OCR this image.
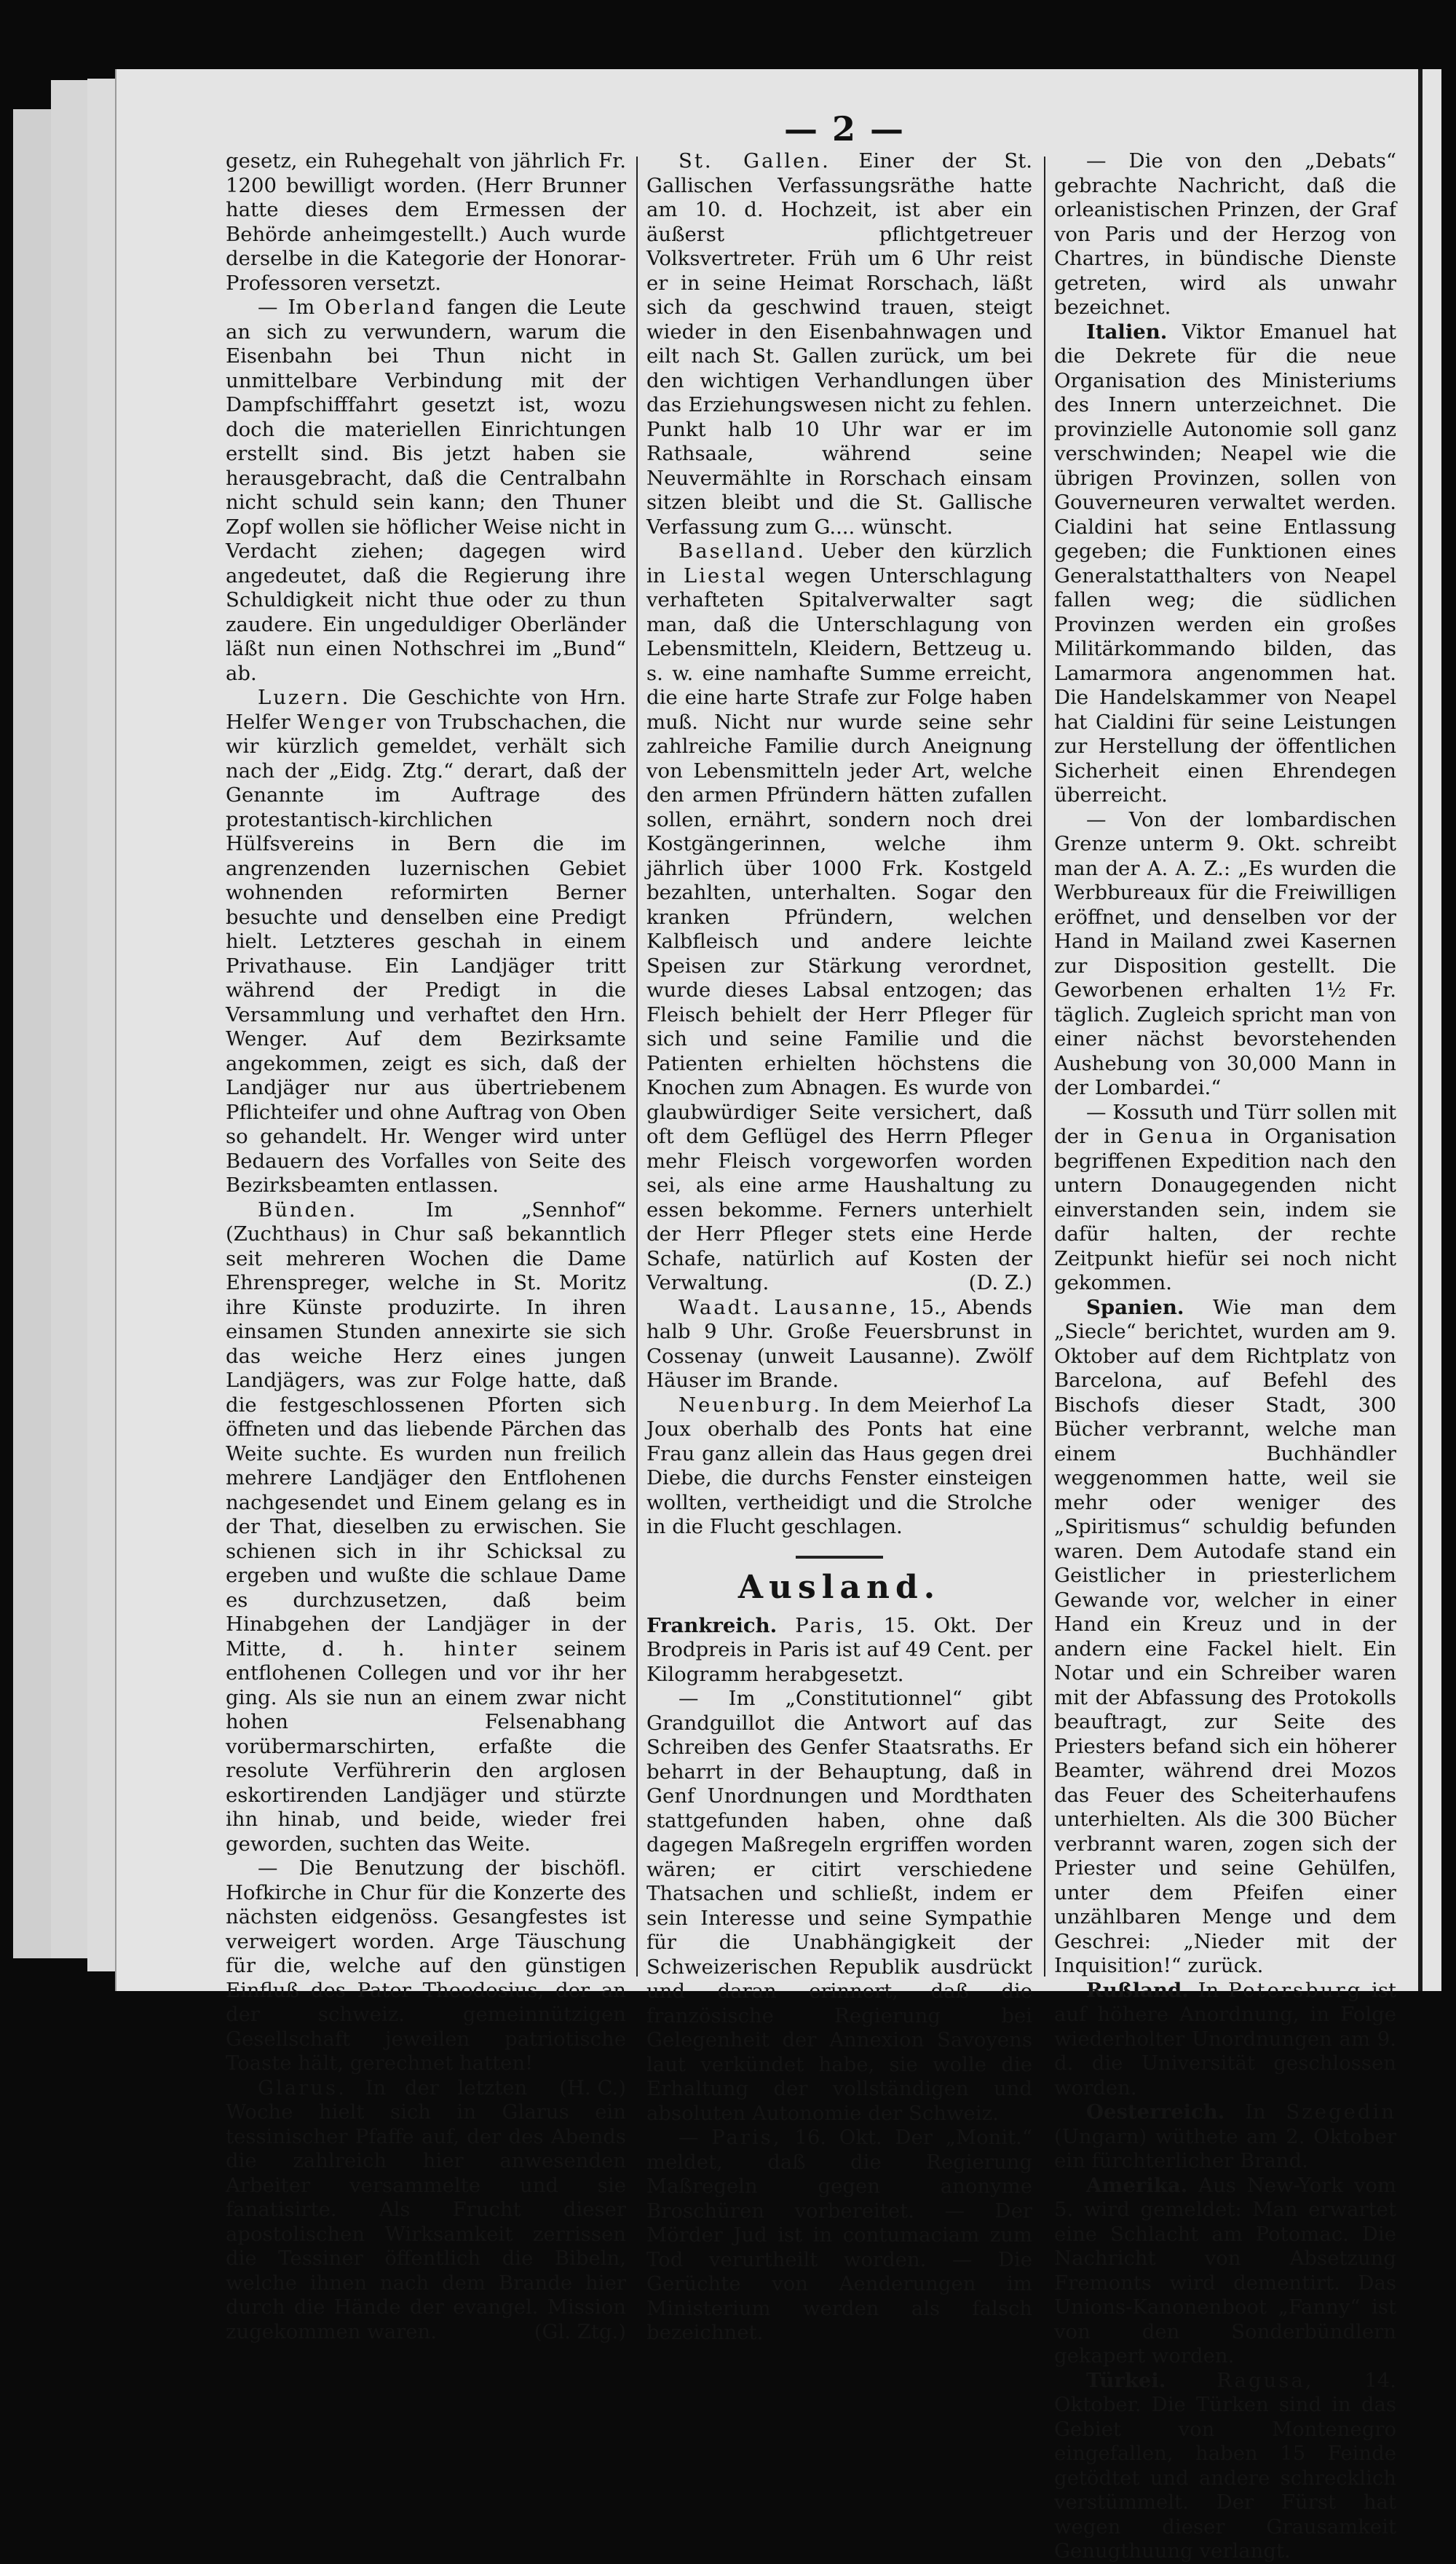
— 2 —

gesetz, ein Ruhegehalt von jährlich Fr. 1200 bewilligt worden. (Herr Brunner hatte dieses dem Ermessen der Behörde anheimgestellt.) Auch wurde derselbe in die Kategorie der Honorar-Professoren versetzt.

— Im Oberland fangen die Leute an sich zu verwundern, warum die Eisenbahn bei Thun nicht in unmittelbare Verbindung mit der Dampfschifffahrt gesetzt ist, wozu doch die materiellen Einrichtungen erstellt sind. Bis jetzt haben sie herausgebracht, daß die Centralbahn nicht schuld sein kann; den Thuner Zopf wollen sie höflicher Weise nicht in Verdacht ziehen; dagegen wird angedeutet, daß die Regierung ihre Schuldigkeit nicht thue oder zu thun zaudere. Ein ungeduldiger Oberländer läßt nun einen Nothschrei im „Bund“ ab.

Luzern. Die Geschichte von Hrn. Helfer Wenger von Trubschachen, die wir kürzlich gemeldet, verhält sich nach der „Eidg. Ztg.“ derart, daß der Genannte im Auftrage des protestantisch-kirchlichen Hülfsvereins in Bern die im angrenzenden luzernischen Gebiet wohnenden reformirten Berner besuchte und denselben eine Predigt hielt. Letzteres geschah in einem Privathause. Ein Landjäger tritt während der Predigt in die Versammlung und verhaftet den Hrn. Wenger. Auf dem Bezirksamte angekommen, zeigt es sich, daß der Landjäger nur aus übertriebenem Pflichteifer und ohne Auftrag von Oben so gehandelt. Hr. Wenger wird unter Bedauern des Vorfalles von Seite des Bezirksbeamten entlassen.

Bünden. Im „Sennhof“ (Zuchthaus) in Chur saß bekanntlich seit mehreren Wochen die Dame Ehrenspreger, welche in St. Moritz ihre Künste produzirte. In ihren einsamen Stunden annexirte sie sich das weiche Herz eines jungen Landjägers, was zur Folge hatte, daß die festgeschlossenen Pforten sich öffneten und das liebende Pärchen das Weite suchte. Es wurden nun freilich mehrere Landjäger den Entflohenen nachgesendet und Einem gelang es in der That, dieselben zu erwischen. Sie schienen sich in ihr Schicksal zu ergeben und wußte die schlaue Dame es durchzusetzen, daß beim Hinabgehen der Landjäger in der Mitte, d. h. hinter seinem entflohenen Collegen und vor ihr her ging. Als sie nun an einem zwar nicht hohen Felsenabhang vorübermarschirten, erfaßte die resolute Verführerin den arglosen eskortirenden Landjäger und stürzte ihn hinab, und beide, wieder frei geworden, suchten das Weite.

— Die Benutzung der bischöfl. Hofkirche in Chur für die Konzerte des nächsten eidgenöss. Gesangfestes ist verweigert worden. Arge Täuschung für die, welche auf den günstigen Einfluß des Pater Theodosius, der an der schweiz. gemeinnützigen Gesellschaft jeweilen patriotische Toaste hält, gerechnet hatten!
(H. C.)

Glarus. In der letzten Woche hielt sich in Glarus ein tessinischer Pfaffe auf, der des Abends die zahlreich hier anwesenden Arbeiter versammelte und sie fanatisirte. Als Frucht dieser apostolischen Wirksamkeit zerrissen die Tessiner öffentlich die Bibeln, welche ihnen nach dem Brande hier durch die Hände der evangel. Mission zugekommen waren.	(Gl. Ztg.)

St. Gallen. Einer der St. Gallischen Verfassungsräthe hatte am 10. d. Hochzeit, ist aber ein äußerst pflichtgetreuer Volksvertreter. Früh um 6 Uhr reist er in seine Heimat Rorschach, läßt sich da geschwind trauen, steigt wieder in den Eisenbahnwagen und eilt nach St. Gallen zurück, um bei den wichtigen Verhandlungen über das Erziehungswesen nicht zu fehlen. Punkt halb 10 Uhr war er im Rathsaale, während seine Neuvermählte in Rorschach einsam sitzen bleibt und die St. Gallische Verfassung zum G.... wünscht.

Baselland. Ueber den kürzlich in Liestal wegen Unterschlagung verhafteten Spitalverwalter sagt man, daß die Unterschlagung von Lebensmitteln, Kleidern, Bettzeug u. s. w. eine namhafte Summe erreicht, die eine harte Strafe zur Folge haben muß. Nicht nur wurde seine sehr zahlreiche Familie durch Aneignung von Lebensmitteln jeder Art, welche den armen Pfründern hätten zufallen sollen, ernährt, sondern noch drei Kostgängerinnen, welche ihm jährlich über 1000 Frk. Kostgeld bezahlten, unterhalten. Sogar den kranken Pfründern, welchen Kalbfleisch und andere leichte Speisen zur Stärkung verordnet, wurde dieses Labsal entzogen; das Fleisch behielt der Herr Pfleger für sich und seine Familie und die Patienten erhielten höchstens die Knochen zum Abnagen. Es wurde von glaubwürdiger Seite versichert, daß oft dem Geflügel des Herrn Pfleger mehr Fleisch vorgeworfen worden sei, als eine arme Haushaltung zu essen bekomme. Ferners unterhielt der Herr Pfleger stets eine Herde Schafe, natürlich auf Kosten der Verwaltung.	(D. Z.)

Waadt. Lausanne, 15., Abends halb 9 Uhr. Große Feuersbrunst in Cossenay (unweit Lausanne). Zwölf Häuser im Brande.

Neuenburg. In dem Meierhof La Joux oberhalb des Ponts hat eine Frau ganz allein das Haus gegen drei Diebe, die durchs Fenster einsteigen wollten, vertheidigt und die Strolche in die Flucht geschlagen.

Ausland.

Frankreich. Paris, 15. Okt. Der Brodpreis in Paris ist auf 49 Cent. per Kilogramm herabgesetzt.

— Im „Constitutionnel“ gibt Grandguillot die Antwort auf das Schreiben des Genfer Staatsraths. Er beharrt in der Behauptung, daß in Genf Unordnungen und Mordthaten stattgefunden haben, ohne daß dagegen Maßregeln ergriffen worden wären; er citirt verschiedene Thatsachen und schließt, indem er sein Interesse und seine Sympathie für die Unabhängigkeit der Schweizerischen Republik ausdrückt und daran erinnert, daß die französische Regierung bei Gelegenheit der Annexion Savoyens laut verkündet habe, sie wolle die Erhaltung der vollständigen und absoluten Autonomie der Schweiz.

— Paris, 16. Okt. Der „Monit.“ meldet, daß die Regierung Maßregeln gegen anonyme Broschüren vorbereitet. — Der Mörder Jud ist in contumaciam zum Tod verurtheilt worden. — Die Gerüchte von Aenderungen im Ministerium werden als falsch bezeichnet.

— Die von den „Debats“ gebrachte Nachricht, daß die orleanistischen Prinzen, der Graf von Paris und der Herzog von Chartres, in bündische Dienste getreten, wird als unwahr bezeichnet.

Italien. Viktor Emanuel hat die Dekrete für die neue Organisation des Ministeriums des Innern unterzeichnet. Die provinzielle Autonomie soll ganz verschwinden; Neapel wie die übrigen Provinzen, sollen von Gouverneuren verwaltet werden. Cialdini hat seine Entlassung gegeben; die Funktionen eines Generalstatthalters von Neapel fallen weg; die südlichen Provinzen werden ein großes Militärkommando bilden, das Lamarmora angenommen hat. Die Handelskammer von Neapel hat Cialdini für seine Leistungen zur Herstellung der öffentlichen Sicherheit einen Ehrendegen überreicht.

— Von der lombardischen Grenze unterm 9. Okt. schreibt man der A. A. Z.: „Es wurden die Werbbureaux für die Freiwilligen eröffnet, und denselben vor der Hand in Mailand zwei Kasernen zur Disposition gestellt. Die Geworbenen erhalten 1½ Fr. täglich. Zugleich spricht man von einer nächst bevorstehenden Aushebung von 30,000 Mann in der Lombardei.“

— Kossuth und Türr sollen mit der in Genua in Organisation begriffenen Expedition nach den untern Donaugegenden nicht einverstanden sein, indem sie dafür halten, der rechte Zeitpunkt hiefür sei noch nicht gekommen.

Spanien. Wie man dem „Siecle“ berichtet, wurden am 9. Oktober auf dem Richtplatz von Barcelona, auf Befehl des Bischofs dieser Stadt, 300 Bücher verbrannt, welche man einem Buchhändler weggenommen hatte, weil sie mehr oder weniger des „Spiritismus“ schuldig befunden waren. Dem Autodafe stand ein Geistlicher in priesterlichem Gewande vor, welcher in einer Hand ein Kreuz und in der andern eine Fackel hielt. Ein Notar und ein Schreiber waren mit der Abfassung des Protokolls beauftragt, zur Seite des Priesters befand sich ein höherer Beamter, während drei Mozos das Feuer des Scheiterhaufens unterhielten. Als die 300 Bücher verbrannt waren, zogen sich der Priester und seine Gehülfen, unter dem Pfeifen einer unzählbaren Menge und dem Geschrei: „Nieder mit der Inquisition!“ zurück.

Rußland. In Petersburg ist auf höhere Anordnung, in Folge wiederholter Unordnungen am 9. d. die Universität geschlossen worden.

Oesterreich. In Szegedin (Ungarn) wüthete am 2. Oktober ein fürchterlicher Brand.

Amerika. Aus New-York vom 5. wird gemeldet: Man erwartet eine Schlacht am Potomac. Die Nachricht von Absetzung Fremonts wird dementirt. Das Unions-Kanonenboot „Fanny“ ist von den Sonderbündlern gekapert worden.

Türkei.	Ragusa, 14. Oktober. Die Türken sind in das Gebiet von Montenegro eingefallen, haben 15 Feinde getödtet und andere schrecklich verstümmelt. Der Fürst hat wegen dieser Grausamkeit Genugthuung verlangt.
